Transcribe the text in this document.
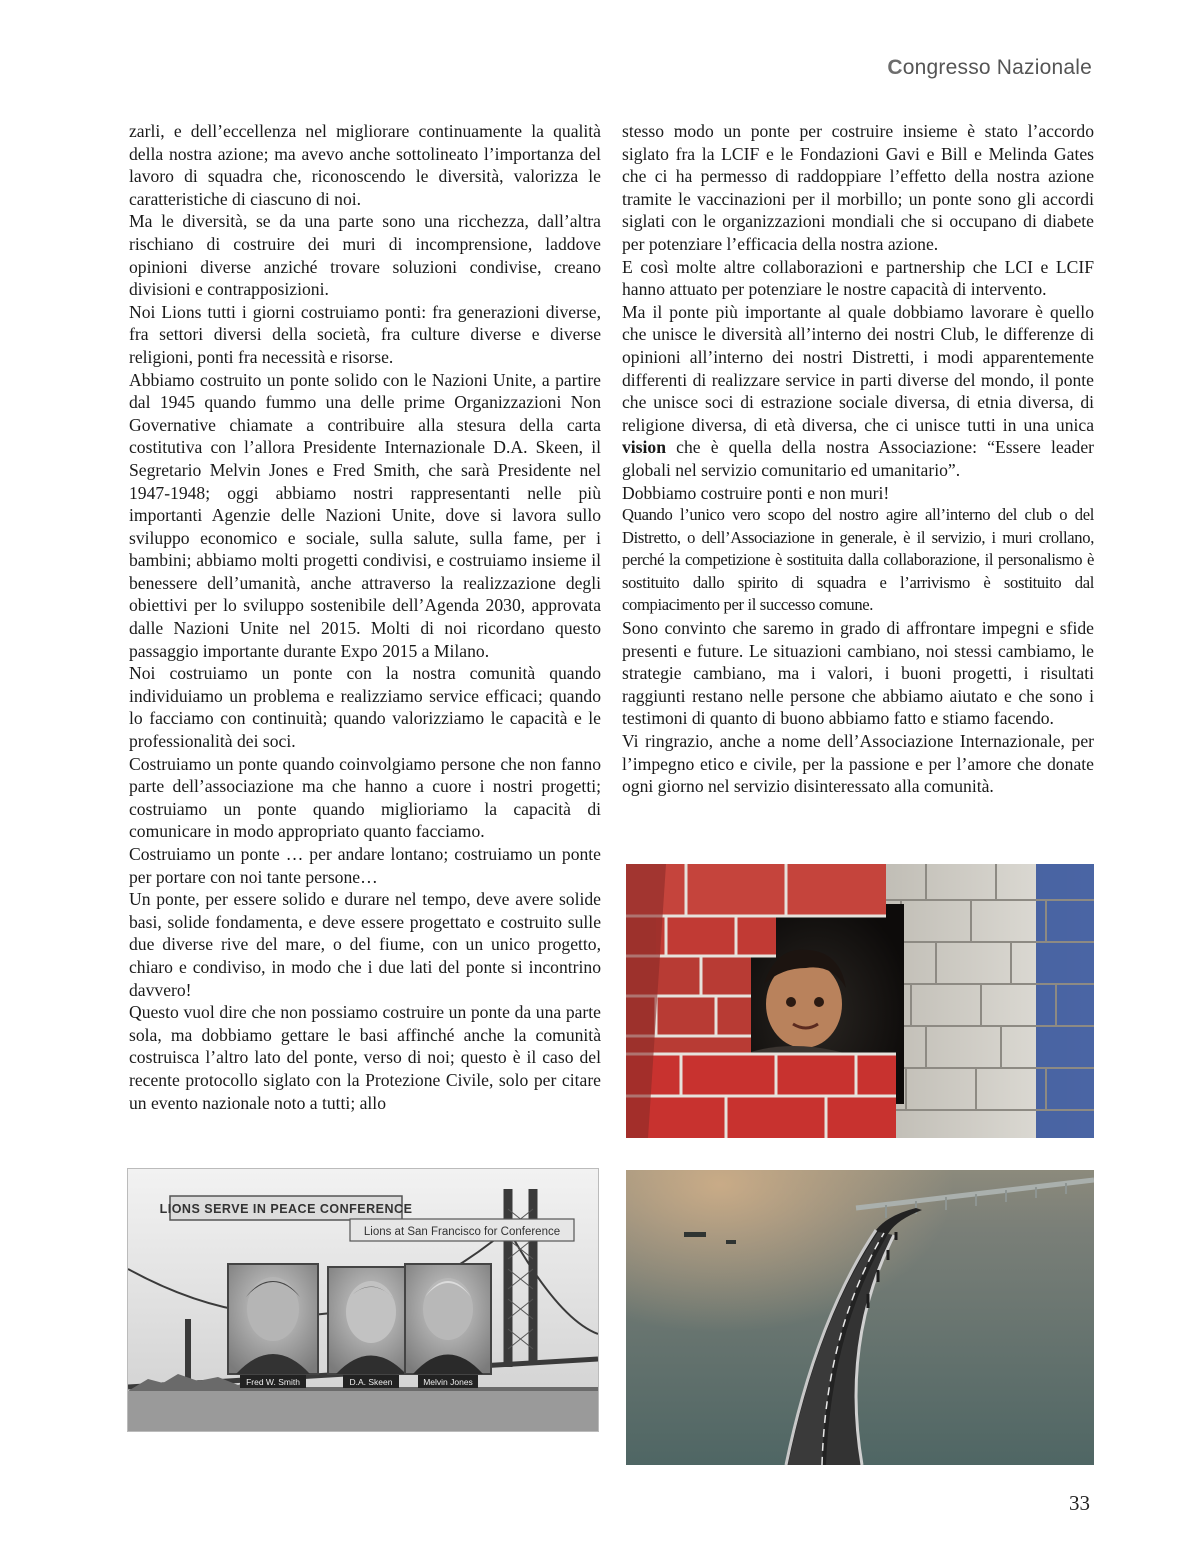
Congresso Nazionale

zarli, e dell’eccellenza nel migliorare continuamente la qualità della nostra azione; ma avevo anche sottolineato l’importanza del lavoro di squadra che, riconoscendo le diversità, valorizza le caratteristiche di ciascuno di noi.

Ma le diversità, se da una parte sono una ricchezza, dall’altra rischiano di costruire dei muri di incomprensione, laddove opinioni diverse anziché trovare soluzioni condivise, creano divisioni e contrapposizioni.

Noi Lions tutti i giorni costruiamo ponti: fra generazioni diverse, fra settori diversi della società, fra culture diverse e diverse religioni, ponti fra necessità e risorse.

Abbiamo costruito un ponte solido con le Nazioni Unite, a partire dal 1945 quando fummo una delle prime Organizzazioni Non Governative chiamate a contribuire alla stesura della carta costitutiva con l’allora Presidente Internazionale D.A. Skeen, il Segretario Melvin Jones e Fred Smith, che sarà Presidente nel 1947-1948; oggi abbiamo nostri rappresentanti nelle più importanti Agenzie delle Nazioni Unite, dove si lavora sullo sviluppo economico e sociale, sulla salute, sulla fame, per i bambini; abbiamo molti progetti condivisi, e costruiamo insieme il benessere dell’umanità, anche attraverso la realizzazione degli obiettivi per lo sviluppo sostenibile dell’Agenda 2030, approvata dalle Nazioni Unite nel 2015. Molti di noi ricordano questo passaggio importante durante Expo 2015 a Milano.

Noi costruiamo un ponte con la nostra comunità quando individuiamo un problema e realizziamo service efficaci; quando lo facciamo con continuità; quando valorizziamo le capacità e le professionalità dei soci.

Costruiamo un ponte quando coinvolgiamo persone che non fanno parte dell’associazione ma che hanno a cuore i nostri progetti; costruiamo un ponte quando miglioriamo la capacità di comunicare in modo appropriato quanto facciamo.

Costruiamo un ponte … per andare lontano; costruiamo un ponte per portare con noi tante persone…

Un ponte, per essere solido e durare nel tempo, deve avere solide basi, solide fondamenta, e deve essere progettato e costruito sulle due diverse rive del mare, o del fiume, con un unico progetto, chiaro e condiviso, in modo che i due lati del ponte si incontrino davvero!

Questo vuol dire che non possiamo costruire un ponte da una parte sola, ma dobbiamo gettare le basi affinché anche la comunità costruisca l’altro lato del ponte, verso di noi; questo è il caso del recente protocollo siglato con la Protezione Civile, solo per citare un evento nazionale noto a tutti; allo

stesso modo un ponte per costruire insieme è stato l’accordo siglato fra la LCIF e le Fondazioni Gavi e Bill e Melinda Gates che ci ha permesso di raddoppiare l’effetto della nostra azione tramite le vaccinazioni per il morbillo; un ponte sono gli accordi siglati con le organizzazioni mondiali che si occupano di diabete per potenziare l’efficacia della nostra azione.

E così molte altre collaborazioni e partnership che LCI e LCIF hanno attuato per potenziare le nostre capacità di intervento.

Ma il ponte più importante al quale dobbiamo lavorare è quello che unisce le diversità all’interno dei nostri Club, le differenze di opinioni all’interno dei nostri Distretti, i modi apparentemente differenti di realizzare service in parti diverse del mondo, il ponte che unisce soci di estrazione sociale diversa, di etnia diversa, di religione diversa, di età diversa, che ci unisce tutti in una unica vision che è quella della nostra Associazione: “Essere leader globali nel servizio comunitario ed umanitario”.

Dobbiamo costruire ponti e non muri!

Quando l’unico vero scopo del nostro agire all’interno del club o del Distretto, o dell’Associazione in generale, è il servizio, i muri crollano, perché la competizione è sostituita dalla collaborazione, il personalismo è sostituito dallo spirito di squadra e l’arrivismo è sostituito dal compiacimento per il successo comune.

Sono convinto che saremo in grado di affrontare impegni e sfide presenti e future. Le situazioni cambiano, noi stessi cambiamo, le strategie cambiano, ma i valori, i buoni progetti, i risultati raggiunti restano nelle persone che abbiamo aiutato e che sono i testimoni di quanto di buono abbiamo fatto e stiamo facendo.

Vi ringrazio, anche a nome dell’Associazione Internazionale, per l’impegno etico e civile, per la passione e per l’amore che donate ogni giorno nel servizio disinteressato alla comunità.

LIONS SERVE IN PEACE CONFERENCE
Lions at San Francisco for Conference
Fred W. Smith	D.A. Skeen	Melvin Jones
33
